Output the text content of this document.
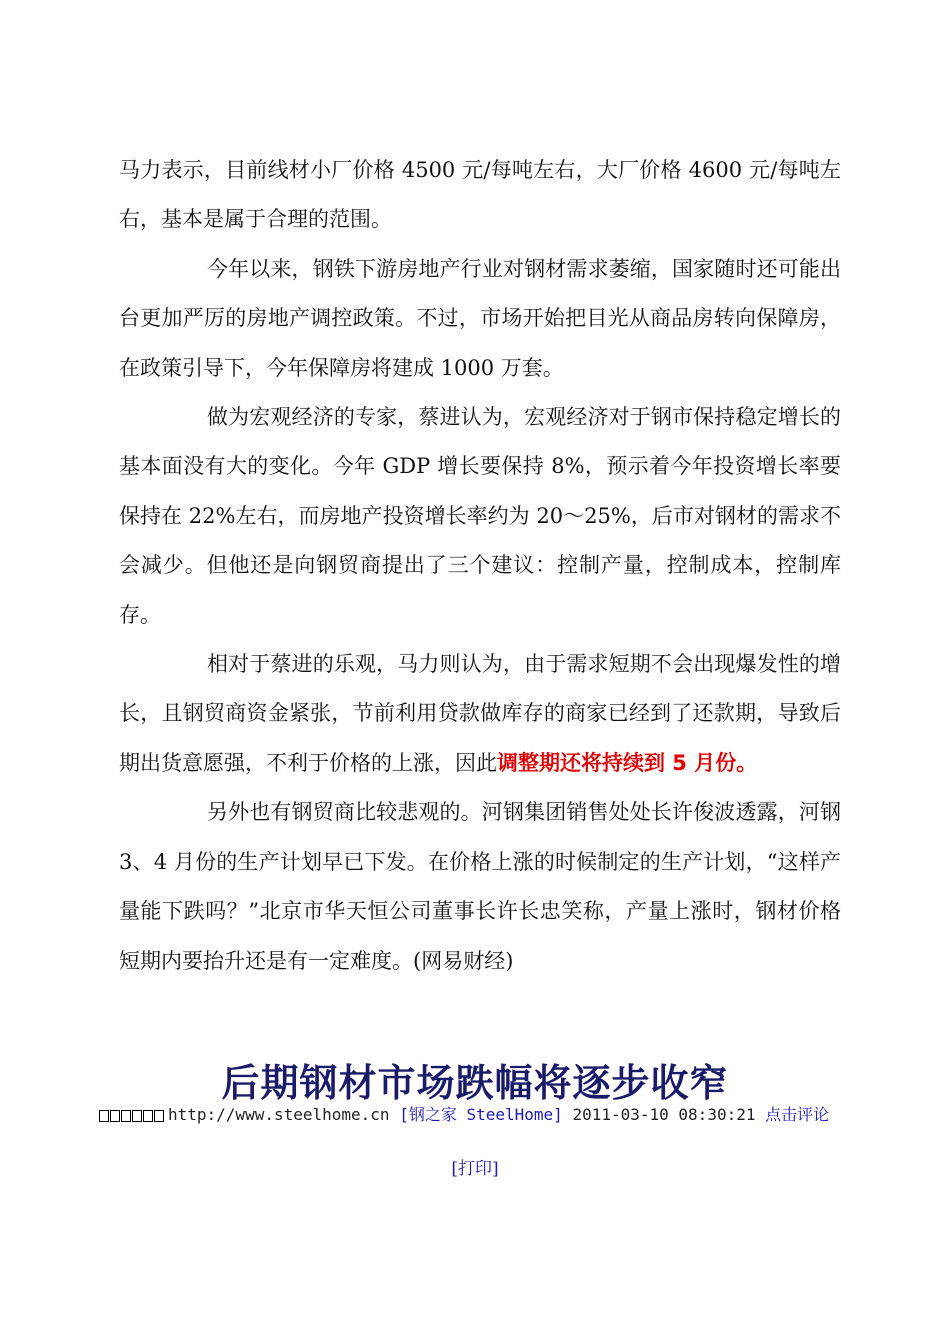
马力表示，目前线材小厂价格 4500 元/每吨左右，大厂价格 4600 元/每吨左右，基本是属于合理的范围。

今年以来，钢铁下游房地产行业对钢材需求萎缩，国家随时还可能出台更加严厉的房地产调控政策。不过，市场开始把目光从商品房转向保障房，在政策引导下，今年保障房将建成 1000 万套。

做为宏观经济的专家，蔡进认为，宏观经济对于钢市保持稳定增长的基本面没有大的变化。今年 GDP 增长要保持 8%，预示着今年投资增长率要保持在 22%左右，而房地产投资增长率约为 20～25%，后市对钢材的需求不会减少。但他还是向钢贸商提出了三个建议：控制产量，控制成本，控制库存。

相对于蔡进的乐观，马力则认为，由于需求短期不会出现爆发性的增长，且钢贸商资金紧张，节前利用贷款做库存的商家已经到了还款期，导致后期出货意愿强，不利于价格的上涨，因此调整期还将持续到 5 月份。

另外也有钢贸商比较悲观的。河钢集团销售处处长许俊波透露，河钢 3、4 月份的生产计划早已下发。在价格上涨的时候制定的生产计划，“这样产量能下跌吗？”北京市华天恒公司董事长许长忠笑称，产量上涨时，钢材价格短期内要抬升还是有一定难度。(网易财经)

后期钢材市场跌幅将逐步收窄
http://www.steelhome.cn [钢之家 SteelHome] 2011-03-10 08:30:21 点击评论
[打印]
